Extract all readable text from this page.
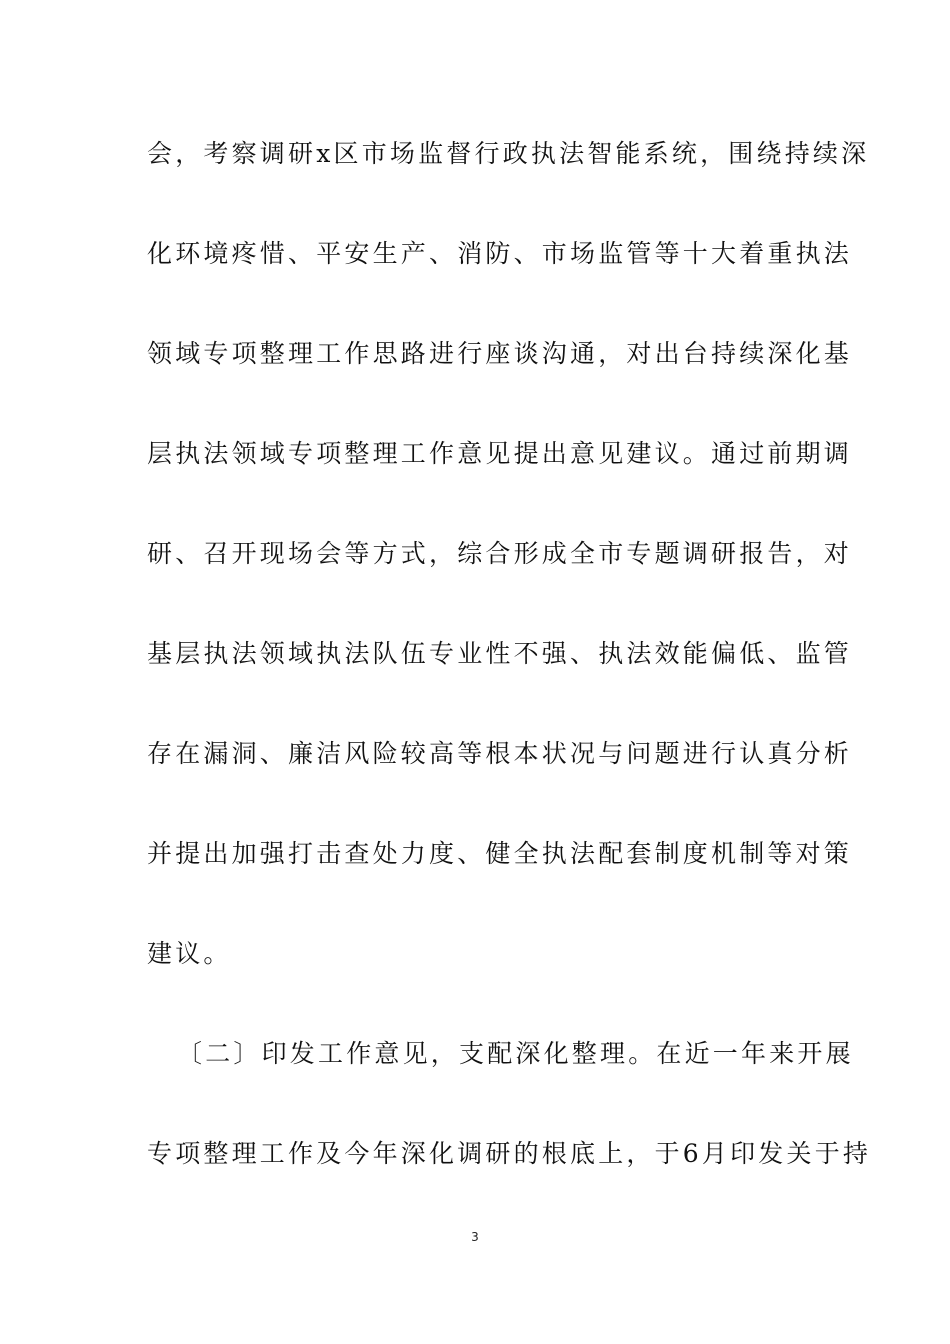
会，考察调研x区市场监督行政执法智能系统，围绕持续深
化环境疼惜、平安生产、消防、市场监管等十大着重执法
领域专项整理工作思路进行座谈沟通，对出台持续深化基
层执法领域专项整理工作意见提出意见建议。通过前期调
研、召开现场会等方式，综合形成全市专题调研报告，对
基层执法领域执法队伍专业性不强、执法效能偏低、监管
存在漏洞、廉洁风险较高等根本状况与问题进行认真分析
并提出加强打击查处力度、健全执法配套制度机制等对策
建议。
〔二〕印发工作意见，支配深化整理。在近一年来开展
专项整理工作及今年深化调研的根底上，于6月印发关于持
3
